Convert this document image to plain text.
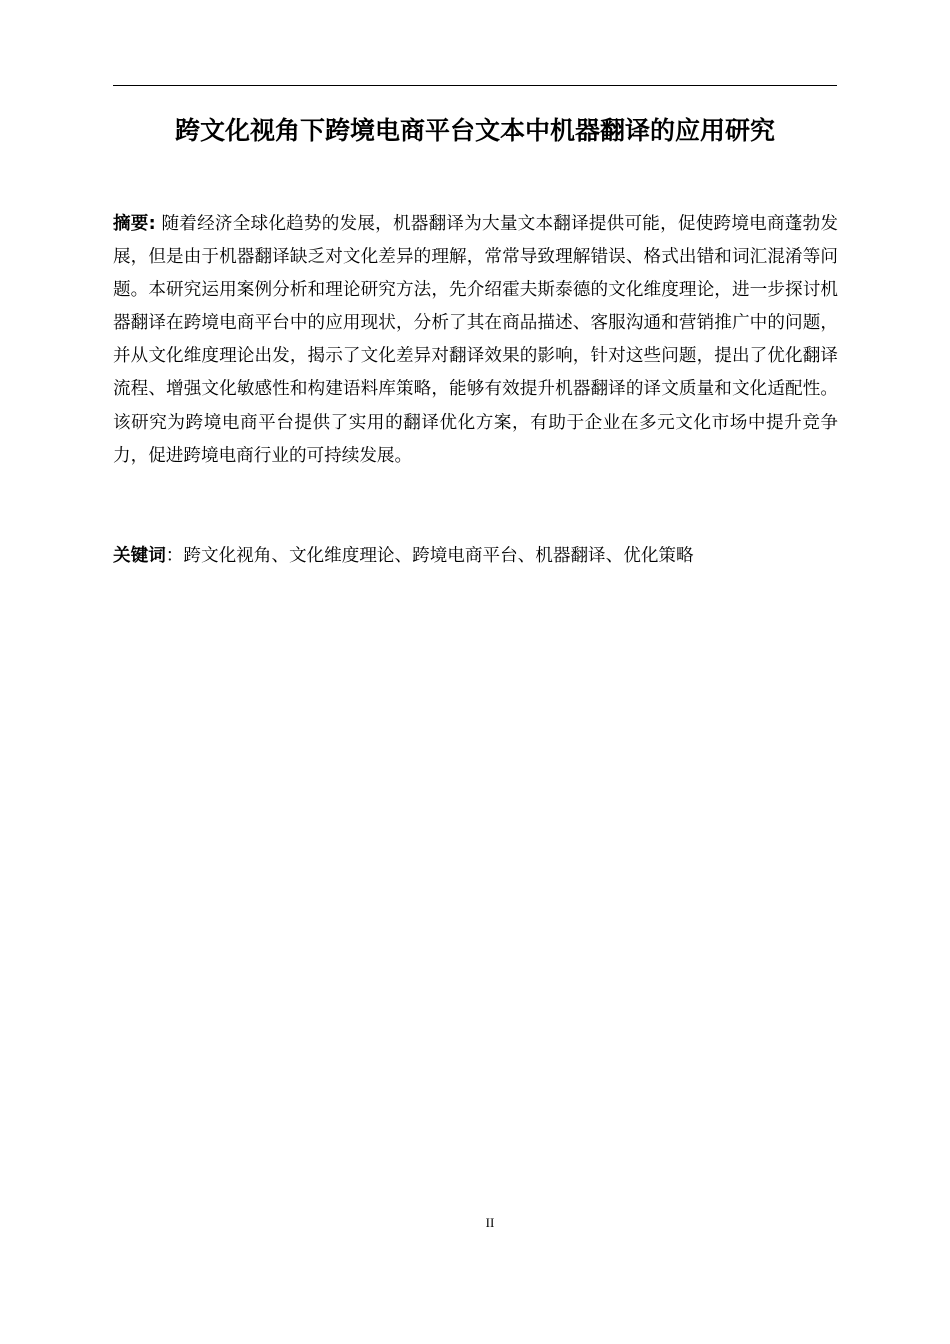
跨文化视角下跨境电商平台文本中机器翻译的应用研究
摘要: 随着经济全球化趋势的发展，机器翻译为大量文本翻译提供可能，促使跨境电商蓬勃发展，但是由于机器翻译缺乏对文化差异的理解，常常导致理解错误、格式出错和词汇混淆等问题。本研究运用案例分析和理论研究方法，先介绍霍夫斯泰德的文化维度理论，进一步探讨机器翻译在跨境电商平台中的应用现状，分析了其在商品描述、客服沟通和营销推广中的问题，并从文化维度理论出发，揭示了文化差异对翻译效果的影响，针对这些问题，提出了优化翻译流程、增强文化敏感性和构建语料库策略，能够有效提升机器翻译的译文质量和文化适配性。该研究为跨境电商平台提供了实用的翻译优化方案，有助于企业在多元文化市场中提升竞争力，促进跨境电商行业的可持续发展。
关键词：跨文化视角、文化维度理论、跨境电商平台、机器翻译、优化策略
II
